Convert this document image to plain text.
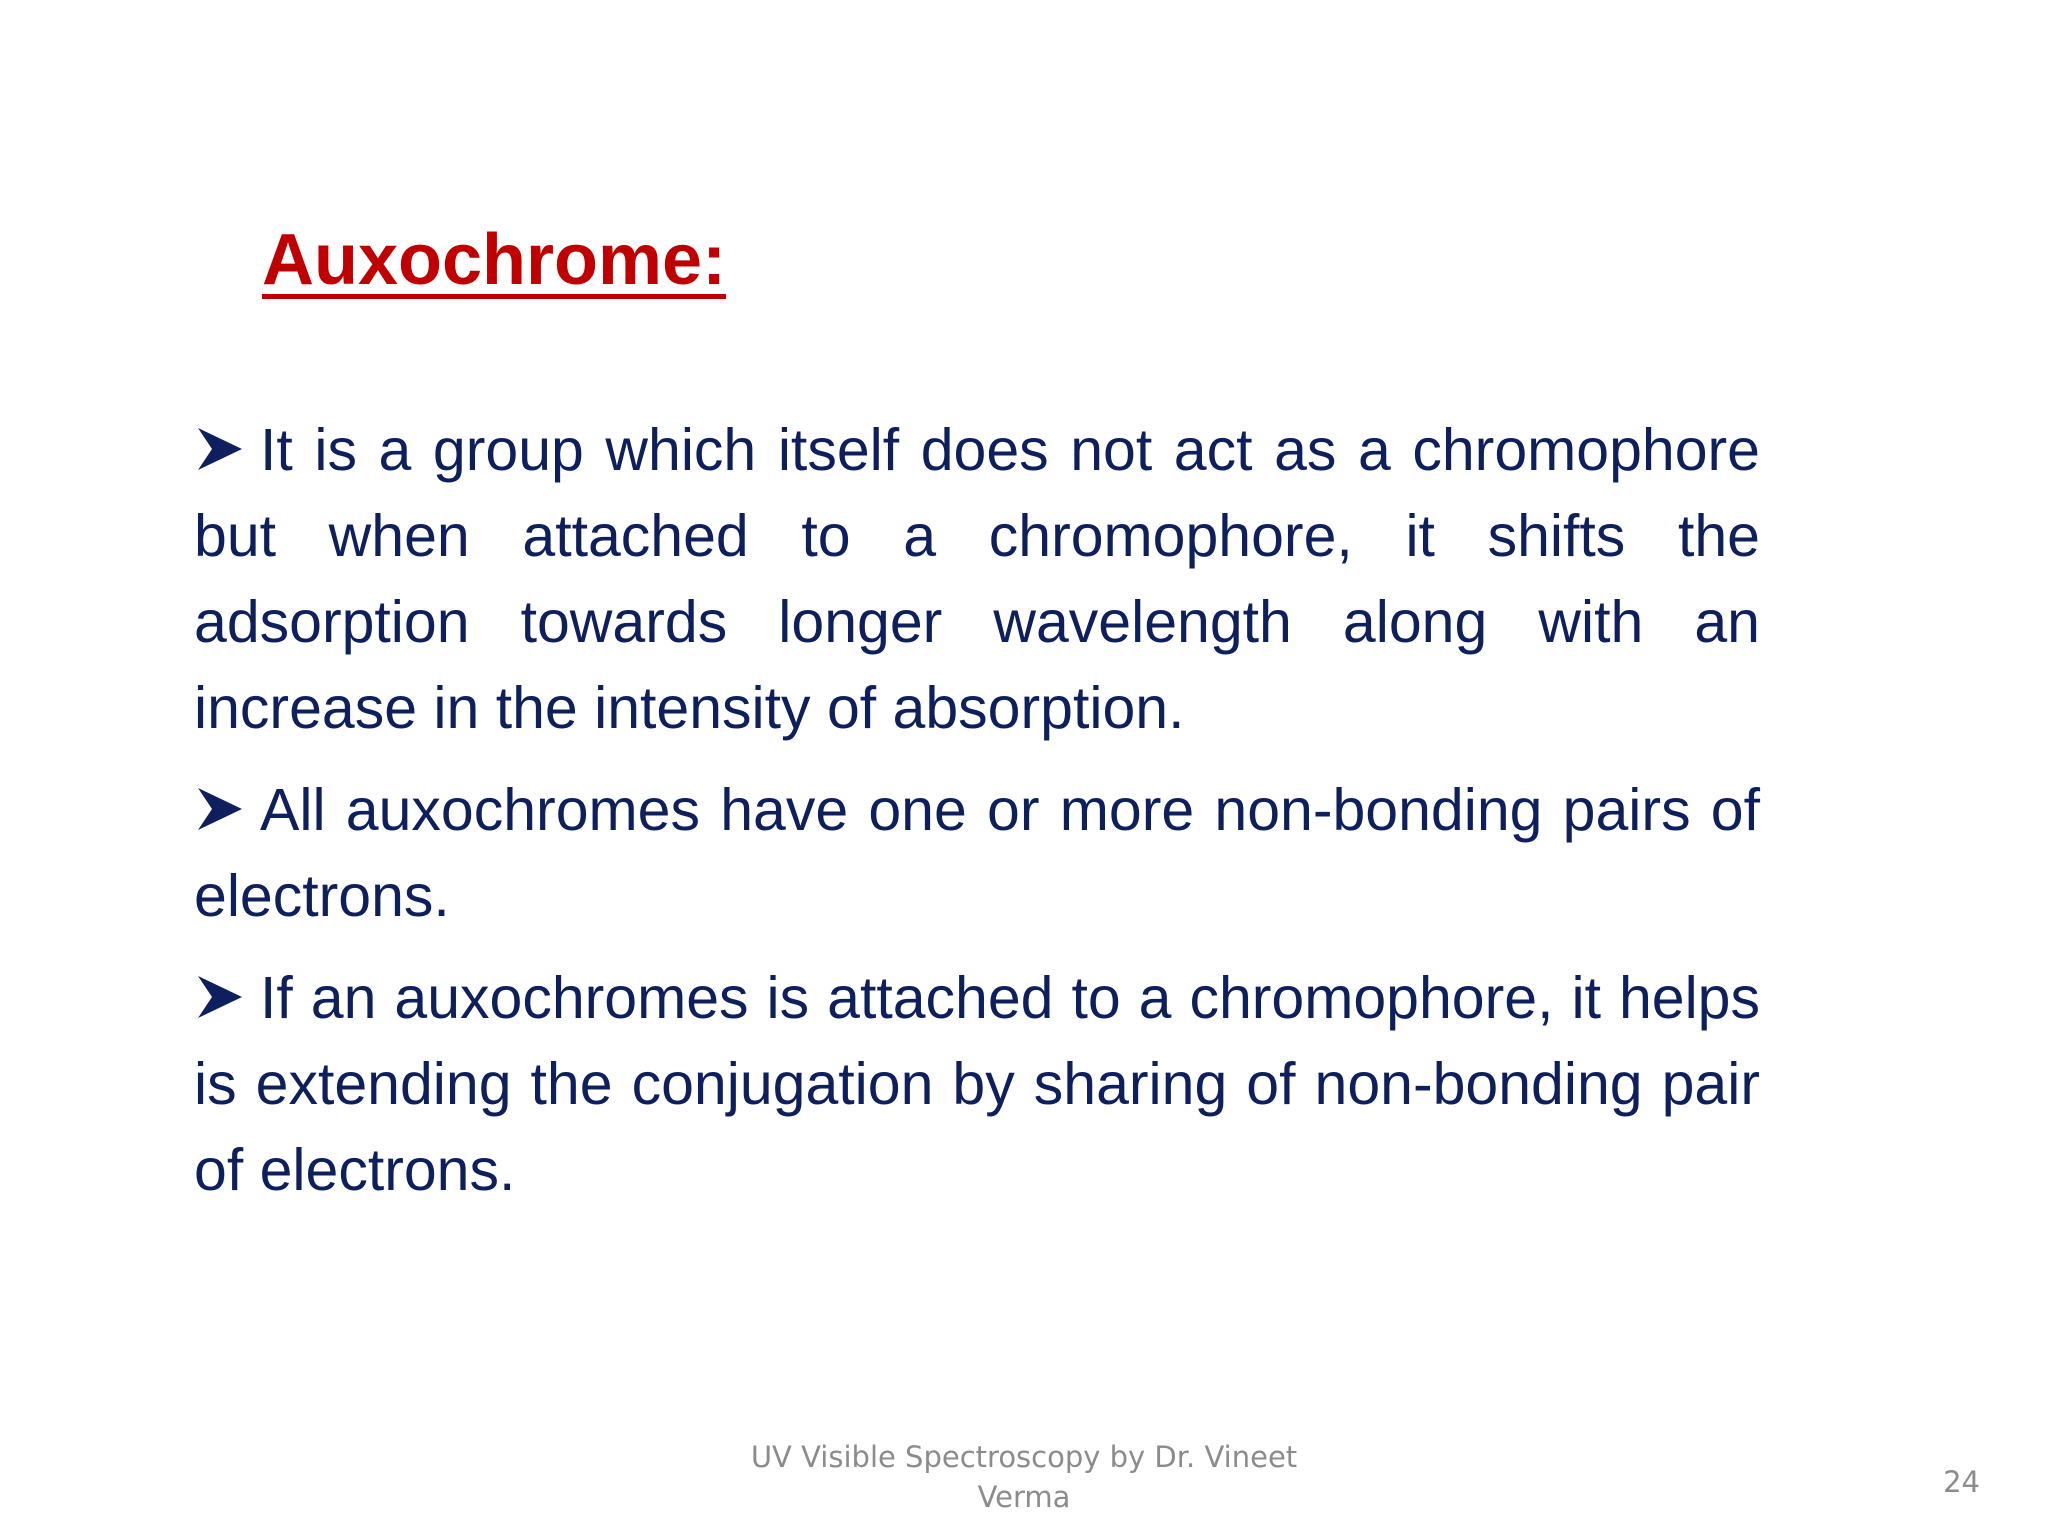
Auxochrome:
It is a group which itself does not act as a chromophore but when attached to a chromophore, it shifts the adsorption towards longer wavelength along with an increase in the intensity of absorption.
All auxochromes have one or more non-bonding pairs of electrons.
If an auxochromes is attached to a chromophore, it helps is extending the conjugation by sharing of non-bonding pair of electrons.
UV Visible Spectroscopy by Dr. Vineet Verma	24
